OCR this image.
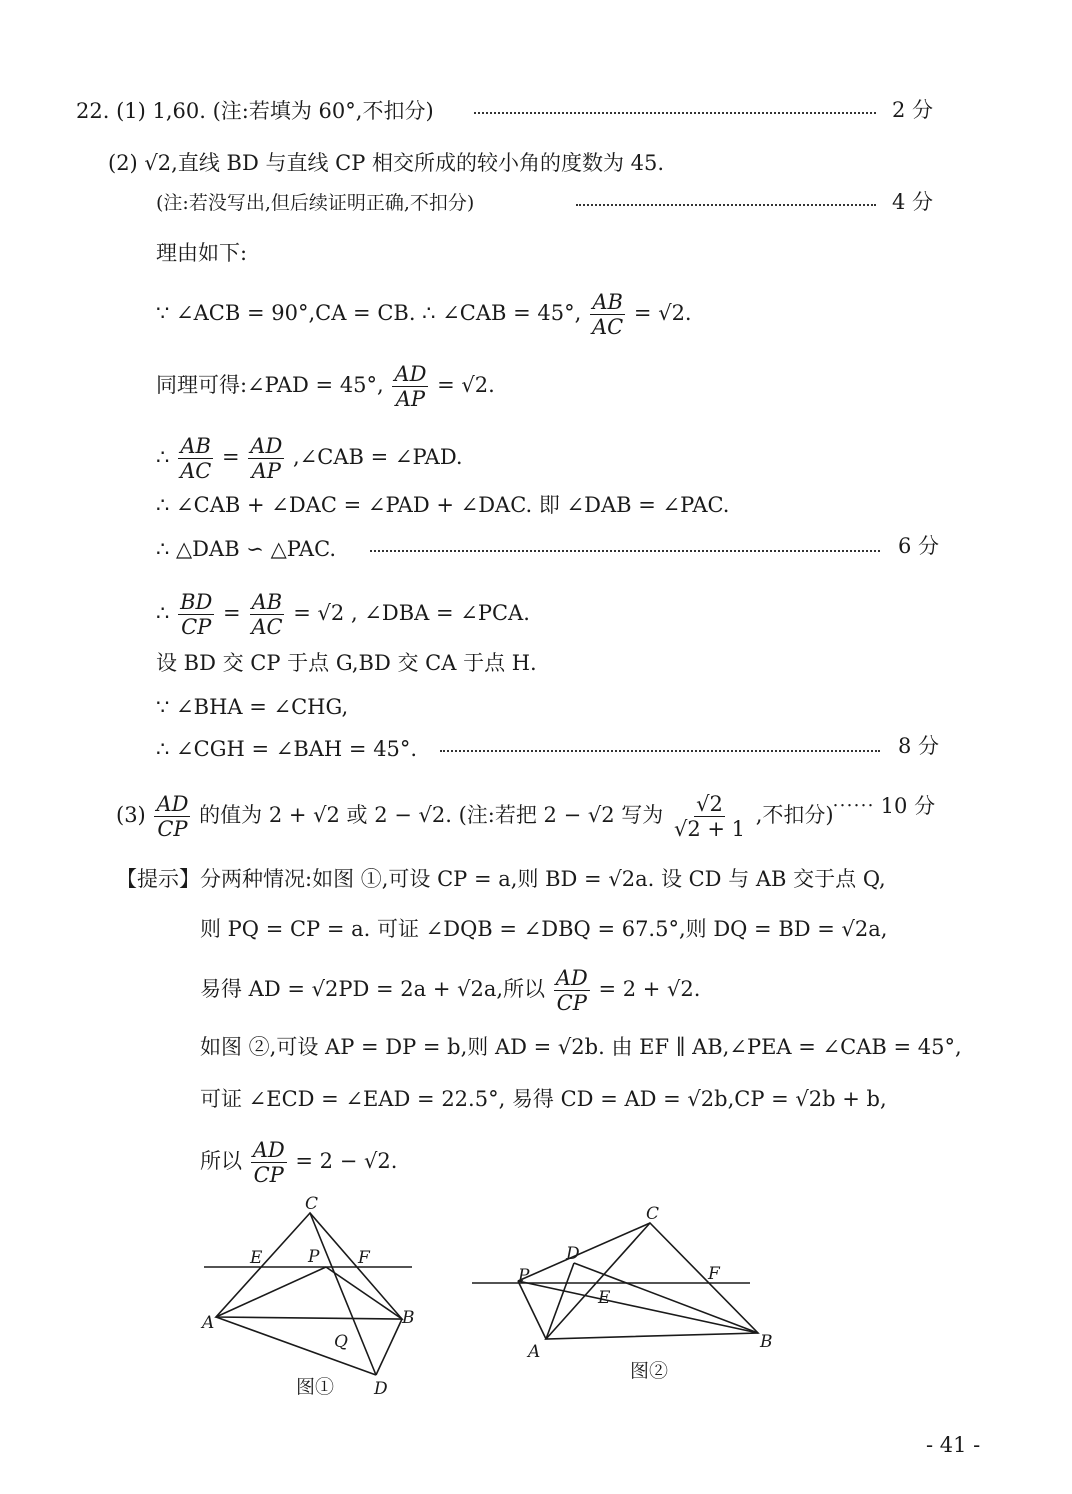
22. (1) 1,60. (注:若填为 60°,不扣分)	2 分
(2) √2,直线 BD 与直线 CP 相交所成的较小角的度数为 45.
(注:若没写出,但后续证明正确,不扣分)	4 分
理由如下:
∵ ∠ACB = 90°,CA = CB. ∴ ∠CAB = 45°, $\frac{AB}{AC} = √2$.
同理可得:∠PAD = 45°, $\frac{AD}{AP} = √2$.
∴ $\frac{AB}{AC} = \frac{AD}{AP}$ ,∠CAB = ∠PAD.
∴ ∠CAB + ∠DAC = ∠PAD + ∠DAC. 即 ∠DAB = ∠PAC.
∴ △DAB ∽ △PAC.	6 分
∴ $\frac{BD}{CP} = \frac{AB}{AC} = √2$ , ∠DBA = ∠PCA.
设 BD 交 CP 于点 G,BD 交 CA 于点 H.
∵ ∠BHA = ∠CHG,
∴ ∠CGH = ∠BAH = 45°.	8 分
$(3) \frac{AD}{CP}$ 的值为 2 + √2 或 2 − √2. (注:若把 2 − √2 写为 $\frac{√2}{√2 + 1}$ ,不扣分)
⋯⋯ 10 分
【提示】分两种情况:如图 ①,可设 CP = a,则 BD = √2a. 设 CD 与 AB 交于点 Q,
则 PQ = CP = a. 可证 ∠DQB = ∠DBQ = 67.5°,则 DQ = BD = √2a,
易得 AD = √2PD = 2a + √2a,所以 $\frac{AD}{CP} = 2 + √2$.
如图 ②,可设 AP = DP = b,则 AD = √2b. 由 EF ∥ AB,∠PEA = ∠CAB = 45°,
可证 ∠ECD = ∠EAD = 22.5°, 易得 CD = AD = √2b,CP = √2b + b,
所以 $\frac{AD}{CP} = 2 - √2$.
C
E	P F
A
Q
B
D
图①
C
D
P	F
E
A	B
图②
- 41 -
